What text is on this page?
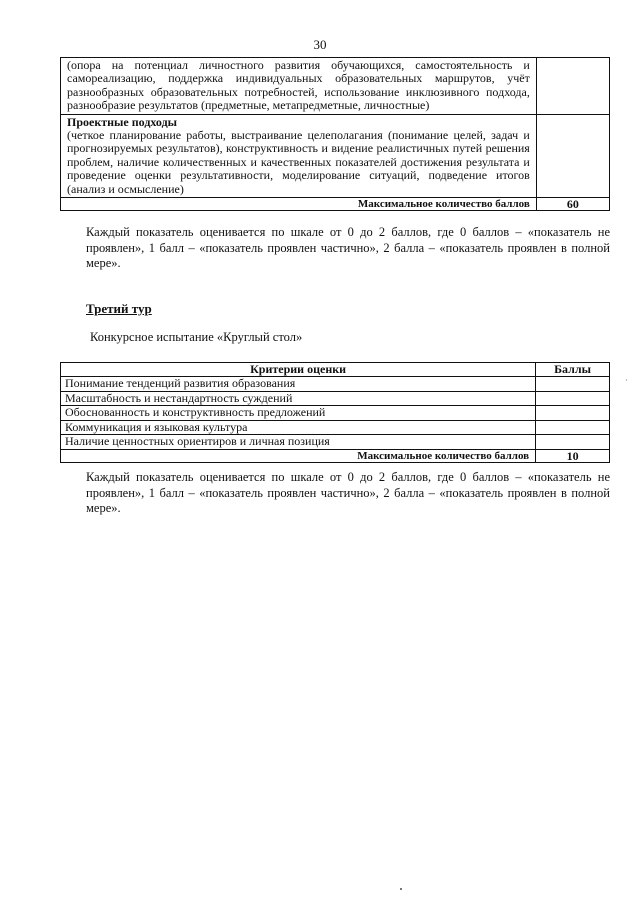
30
(опора на потенциал личностного развития обучающихся, самостоятельность и самореализацию, поддержка индивидуальных образовательных маршрутов, учёт разнообразных образовательных потребностей, использование инклюзивного подхода, разнообразие результатов (предметные, метапредметные, личностные)	

Проектные подходы
(четкое планирование работы, выстраивание целеполагания (понимание целей, задач и прогнозируемых результатов), конструктивность и видение реалистичных путей решения проблем, наличие количественных и качественных показателей достижения результата и проведение оценки результативности, моделирование ситуаций, подведение итогов (анализ и осмысление)	

Максимальное количество баллов	60
Каждый показатель оценивается по шкале от 0 до 2 баллов, где 0 баллов – «показатель не проявлен», 1 балл – «показатель проявлен частично», 2 балла – «показатель проявлен в полной мере».
Третий тур
Конкурсное испытание «Круглый стол»
Критерии оценки	Баллы
Понимание тенденций развития образования	
Масштабность и нестандартность суждений	
Обоснованность и конструктивность предложений	
Коммуникация и языковая культура	
Наличие ценностных ориентиров и личная позиция	
Максимальное количество баллов	10
Каждый показатель оценивается по шкале от 0 до 2 баллов, где 0 баллов – «показатель не проявлен», 1 балл – «показатель проявлен частично», 2 балла – «показатель проявлен в полной мере».
·
